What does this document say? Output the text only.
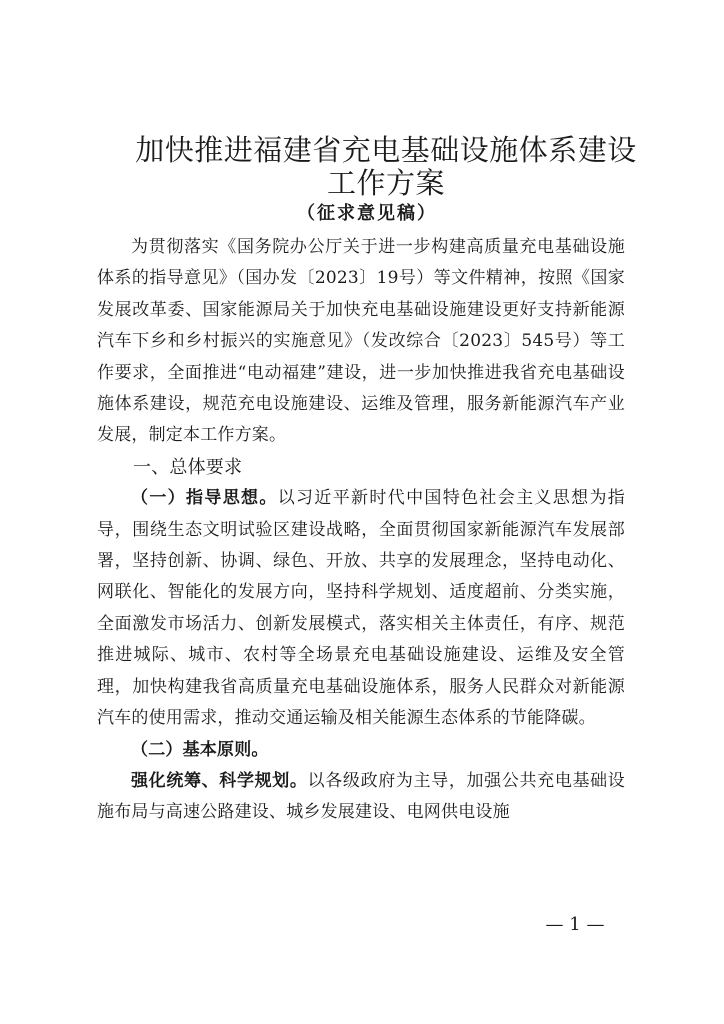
加快推进福建省充电基础设施体系建设
工作方案
（征求意见稿）

为贯彻落实《国务院办公厅关于进一步构建高质量充电基础设施体系的指导意见》（国办发〔2023〕19号）等文件精神，按照《国家发展改革委、国家能源局关于加快充电基础设施建设更好支持新能源汽车下乡和乡村振兴的实施意见》（发改综合〔2023〕545号）等工作要求，全面推进“电动福建”建设，进一步加快推进我省充电基础设施体系建设，规范充电设施建设、运维及管理，服务新能源汽车产业发展，制定本工作方案。

一、总体要求

（一）指导思想。以习近平新时代中国特色社会主义思想为指导，围绕生态文明试验区建设战略，全面贯彻国家新能源汽车发展部署，坚持创新、协调、绿色、开放、共享的发展理念，坚持电动化、网联化、智能化的发展方向，坚持科学规划、适度超前、分类实施，全面激发市场活力、创新发展模式，落实相关主体责任，有序、规范推进城际、城市、农村等全场景充电基础设施建设、运维及安全管理，加快构建我省高质量充电基础设施体系，服务人民群众对新能源汽车的使用需求，推动交通运输及相关能源生态体系的节能降碳。

（二）基本原则。

强化统筹、科学规划。以各级政府为主导，加强公共充电基础设施布局与高速公路建设、城乡发展建设、电网供电设施

— 1 —
